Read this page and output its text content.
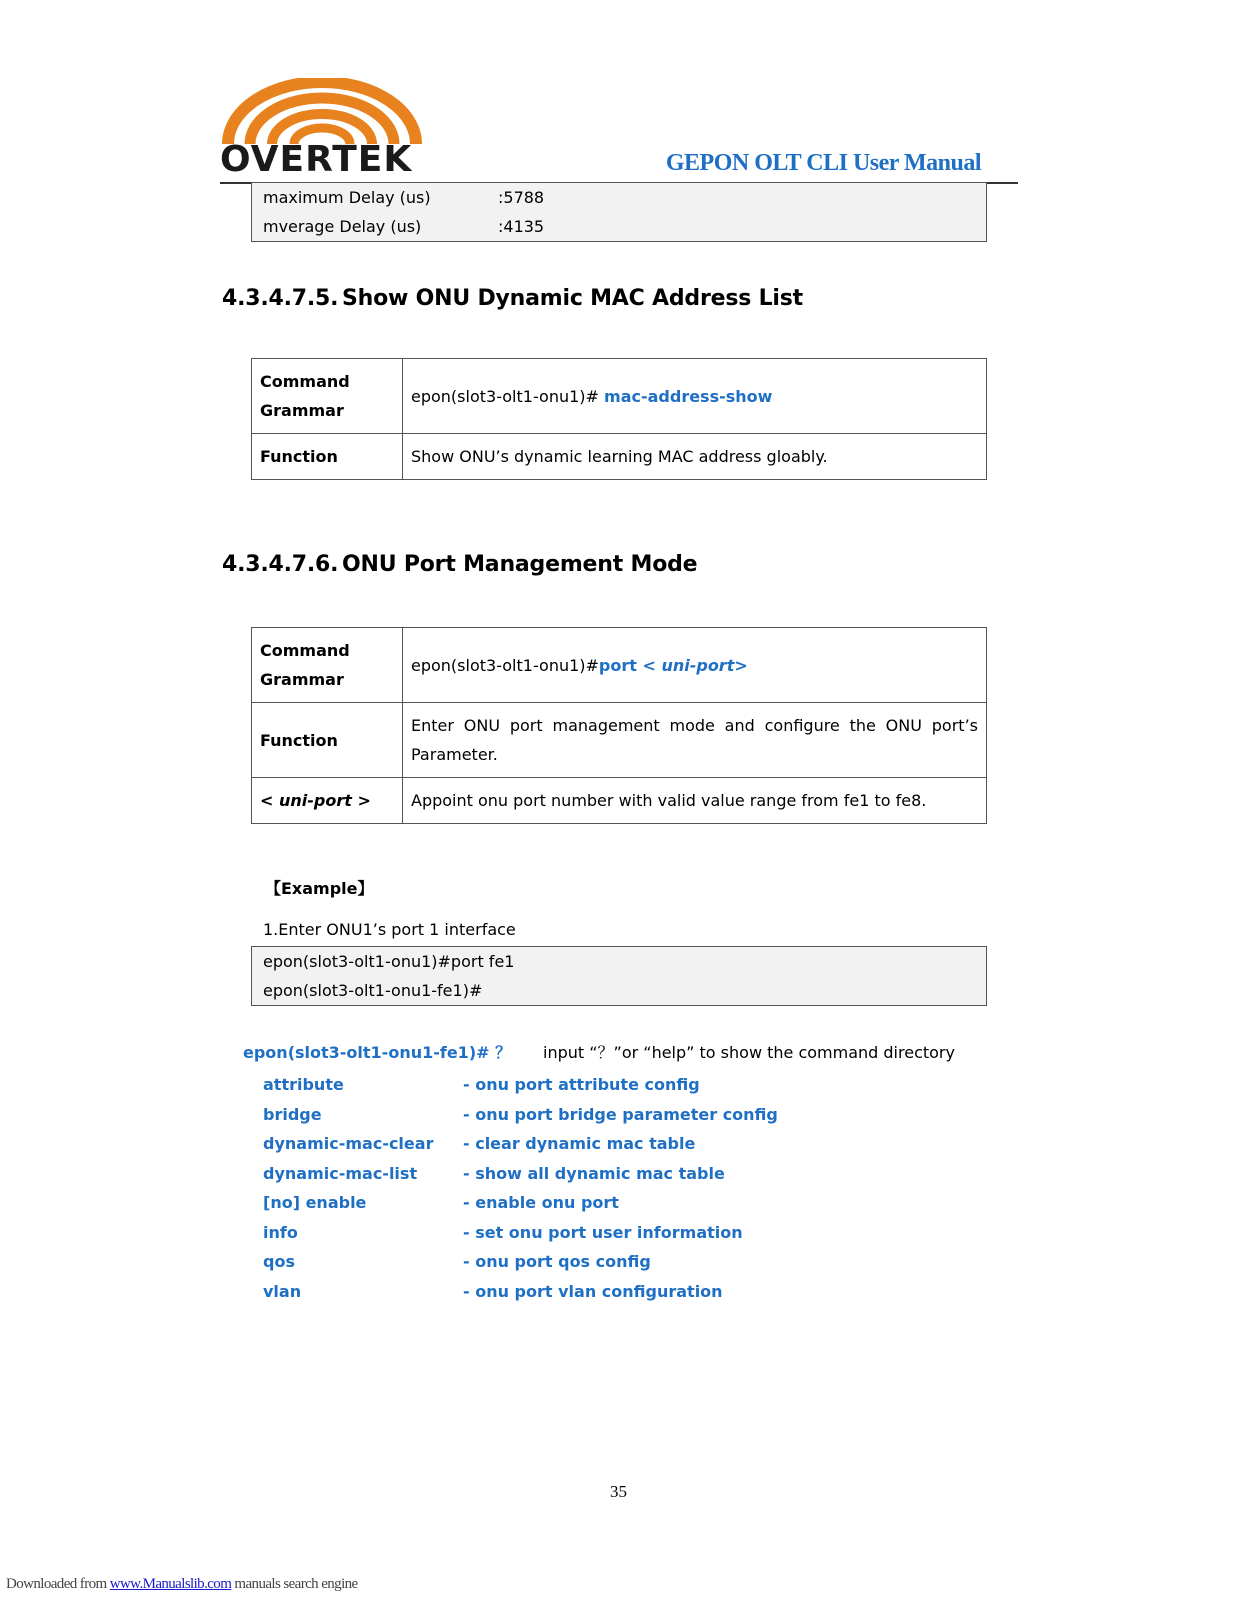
OVERTEK	GEPON OLT CLI User Manual
maximum Delay (us)	:5788
mverage Delay (us)	:4135
4.3.4.7.5. Show ONU Dynamic MAC Address List
Command Grammar	epon(slot3-olt1-onu1)# mac-address-show
Function	Show ONU’s dynamic learning MAC address gloably.
4.3.4.7.6. ONU Port Management Mode
Command Grammar	epon(slot3-olt1-onu1)#port < uni-port>
Function	Enter ONU port management mode and configure the ONU port’s Parameter.
< uni-port >	Appoint onu port number with valid value range from fe1 to fe8.
【Example】
1.Enter ONU1’s port 1 interface
epon(slot3-olt1-onu1)#port fe1
epon(slot3-olt1-onu1-fe1)#
epon(slot3-olt1-onu1-fe1)# ？ input “？”or “help” to show the command directory
attribute	- onu port attribute config
bridge	- onu port bridge parameter config
dynamic-mac-clear - clear dynamic mac table
dynamic-mac-list	- show all dynamic mac table
[no] enable	- enable onu port
info	- set onu port user information
qos	- onu port qos config
vlan	- onu port vlan configuration
35
Downloaded from www.Manualslib.com manuals search engine
